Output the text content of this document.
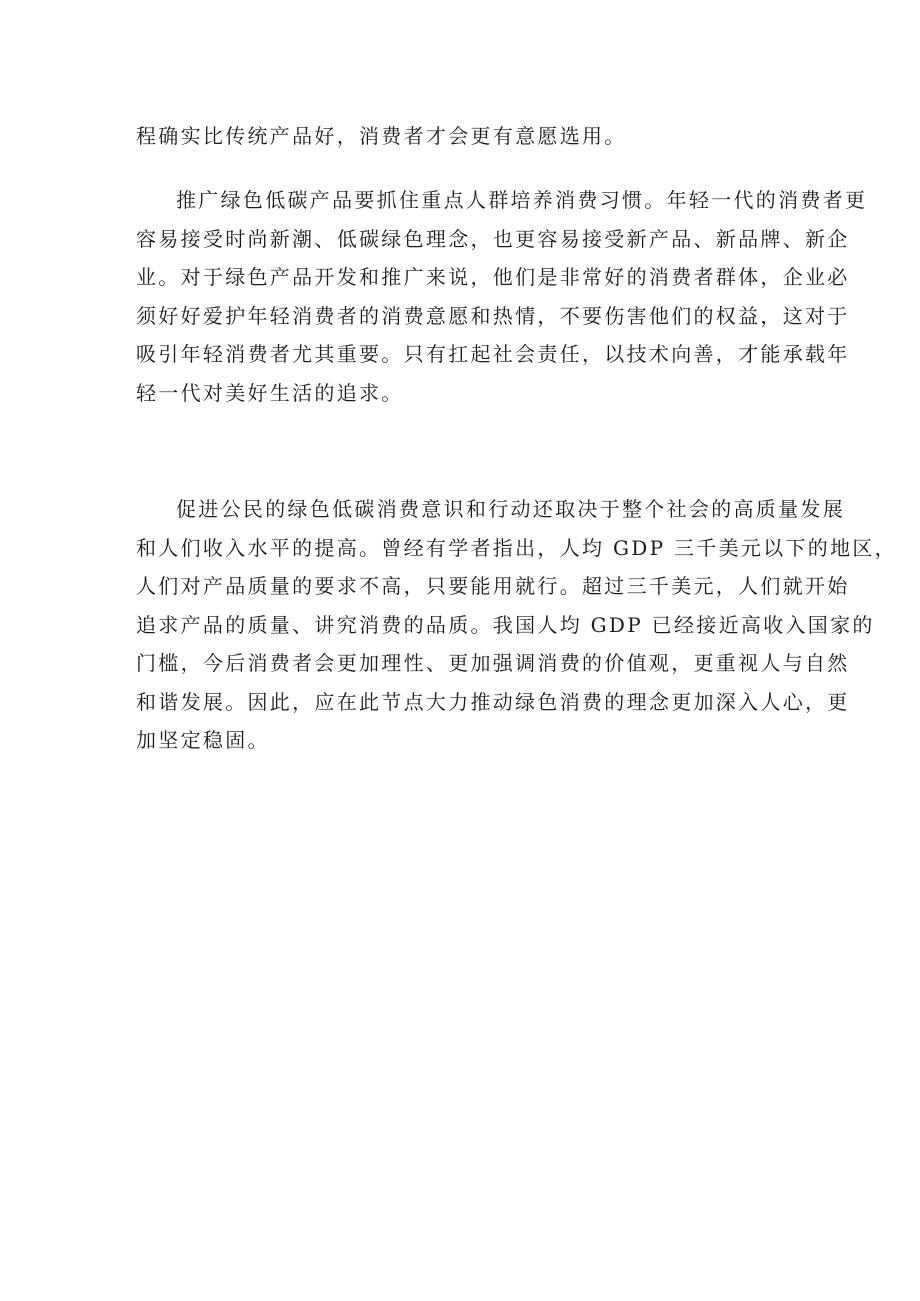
程确实比传统产品好，消费者才会更有意愿选用。
推广绿色低碳产品要抓住重点人群培养消费习惯。年轻一代的消费者更
容易接受时尚新潮、低碳绿色理念，也更容易接受新产品、新品牌、新企
业。对于绿色产品开发和推广来说，他们是非常好的消费者群体，企业必
须好好爱护年轻消费者的消费意愿和热情，不要伤害他们的权益，这对于
吸引年轻消费者尤其重要。只有扛起社会责任，以技术向善，才能承载年
轻一代对美好生活的追求。
促进公民的绿色低碳消费意识和行动还取决于整个社会的高质量发展
和人们收入水平的提高。曾经有学者指出，人均 GDP 三千美元以下的地区，
人们对产品质量的要求不高，只要能用就行。超过三千美元，人们就开始
追求产品的质量、讲究消费的品质。我国人均 GDP 已经接近高收入国家的
门槛，今后消费者会更加理性、更加强调消费的价值观，更重视人与自然
和谐发展。因此，应在此节点大力推动绿色消费的理念更加深入人心，更
加坚定稳固。
